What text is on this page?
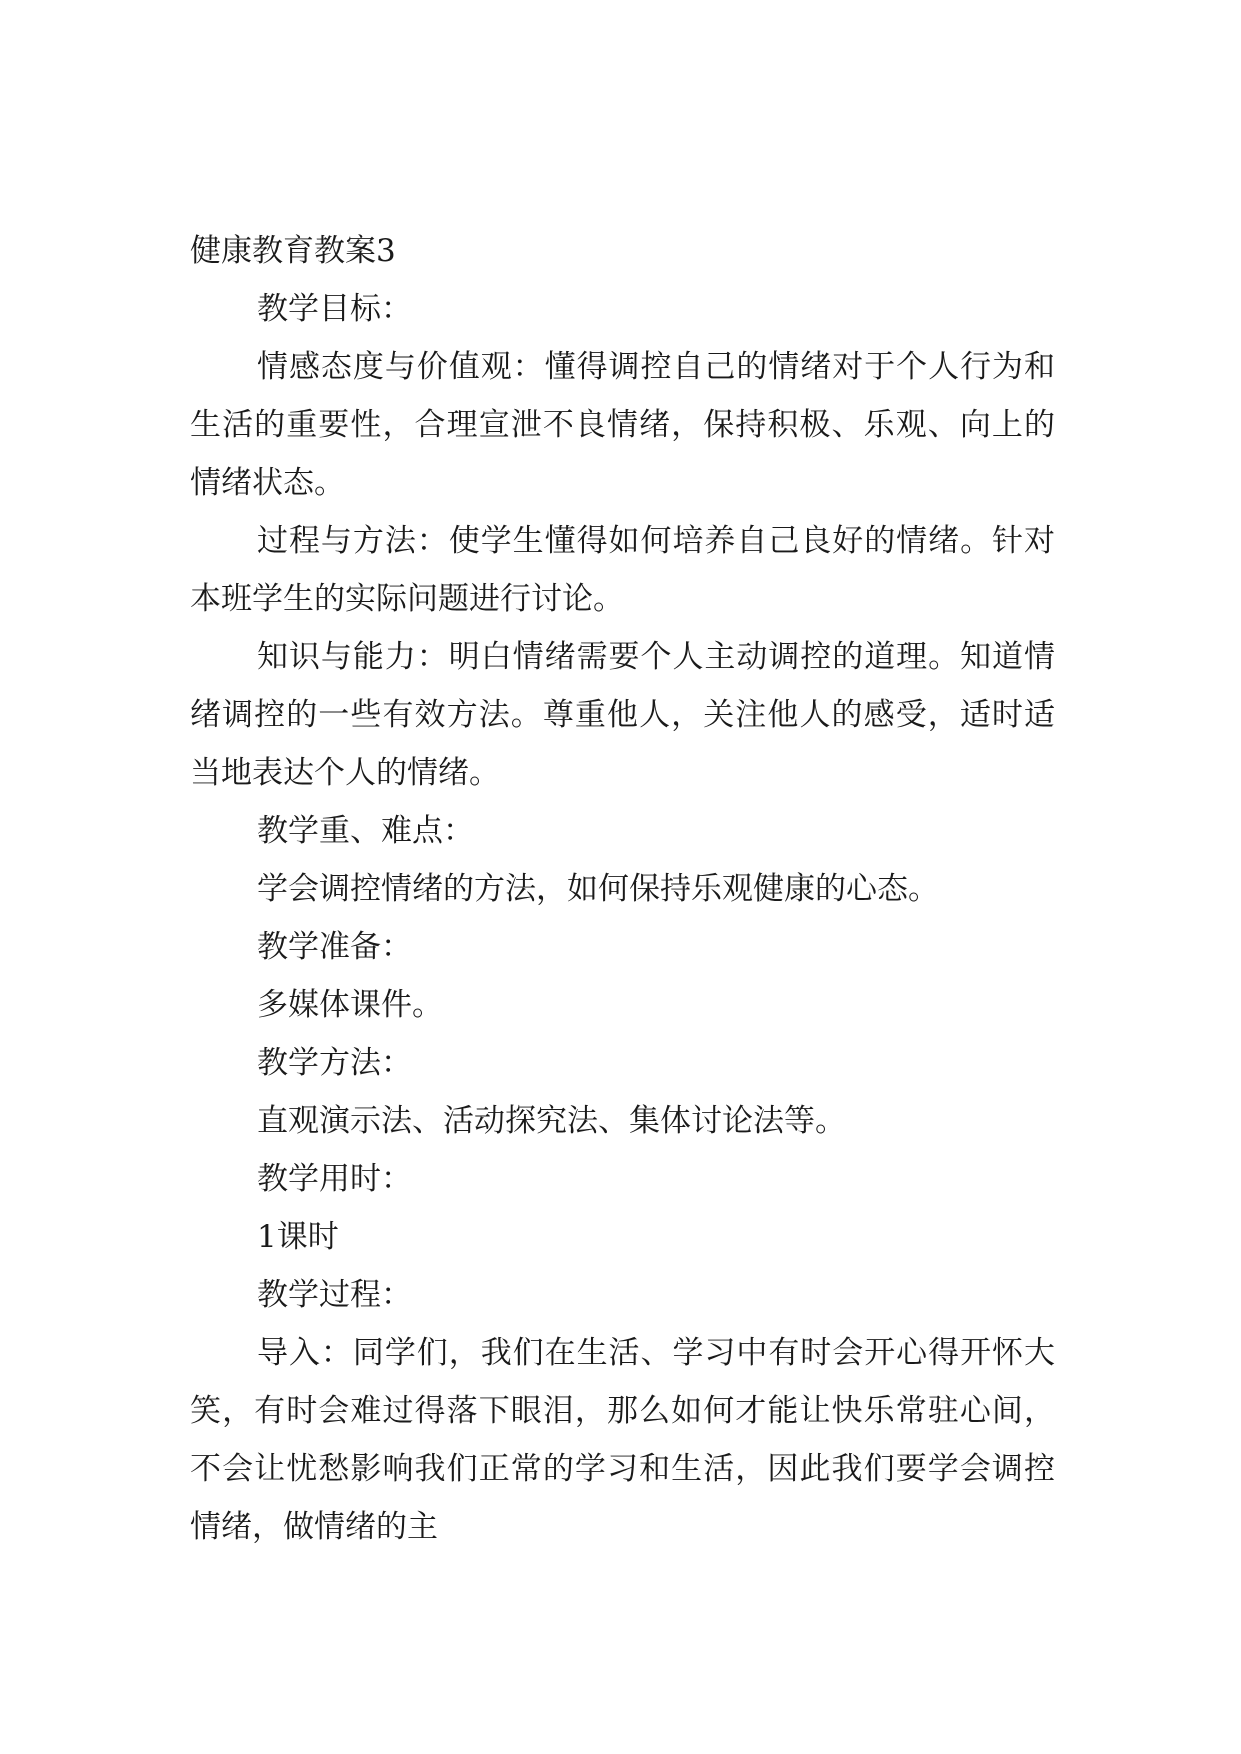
健康教育教案3

教学目标：

情感态度与价值观：懂得调控自己的情绪对于个人行为和生活的重要性，合理宣泄不良情绪，保持积极、乐观、向上的情绪状态。

过程与方法：使学生懂得如何培养自己良好的情绪。针对本班学生的实际问题进行讨论。

知识与能力：明白情绪需要个人主动调控的道理。知道情绪调控的一些有效方法。尊重他人，关注他人的感受，适时适当地表达个人的情绪。

教学重、难点：

学会调控情绪的方法，如何保持乐观健康的心态。

教学准备：

多媒体课件。

教学方法：

直观演示法、活动探究法、集体讨论法等。

教学用时：

1课时

教学过程：

导入：同学们，我们在生活、学习中有时会开心得开怀大笑，有时会难过得落下眼泪，那么如何才能让快乐常驻心间，不会让忧愁影响我们正常的学习和生活，因此我们要学会调控情绪，做情绪的主
